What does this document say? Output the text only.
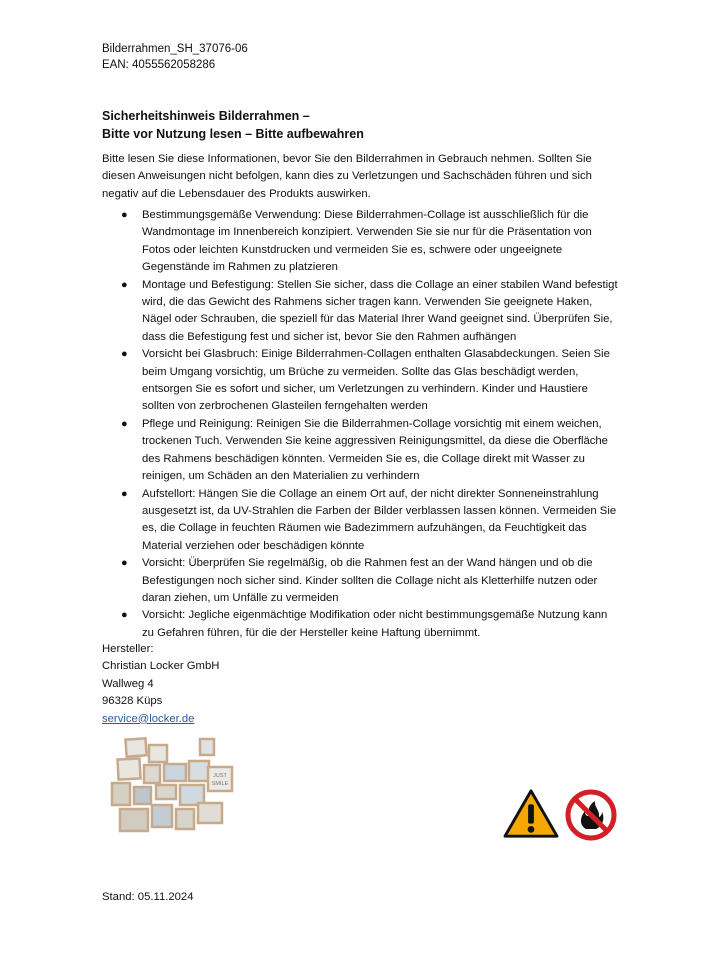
Bilderrahmen_SH_37076-06
EAN: 4055562058286
Sicherheitshinweis Bilderrahmen –
Bitte vor Nutzung lesen – Bitte aufbewahren
Bitte lesen Sie diese Informationen, bevor Sie den Bilderrahmen in Gebrauch nehmen. Sollten Sie diesen Anweisungen nicht befolgen, kann dies zu Verletzungen und Sachschäden führen und sich negativ auf die Lebensdauer des Produkts auswirken.
● Bestimmungsgemäße Verwendung: Diese Bilderrahmen-Collage ist ausschließlich für die Wandmontage im Innenbereich konzipiert. Verwenden Sie sie nur für die Präsentation von Fotos oder leichten Kunstdrucken und vermeiden Sie es, schwere oder ungeeignete Gegenstände im Rahmen zu platzieren
● Montage und Befestigung: Stellen Sie sicher, dass die Collage an einer stabilen Wand befestigt wird, die das Gewicht des Rahmens sicher tragen kann. Verwenden Sie geeignete Haken, Nägel oder Schrauben, die speziell für das Material Ihrer Wand geeignet sind. Überprüfen Sie, dass die Befestigung fest und sicher ist, bevor Sie den Rahmen aufhängen
● Vorsicht bei Glasbruch: Einige Bilderrahmen-Collagen enthalten Glasabdeckungen. Seien Sie beim Umgang vorsichtig, um Brüche zu vermeiden. Sollte das Glas beschädigt werden, entsorgen Sie es sofort und sicher, um Verletzungen zu verhindern. Kinder und Haustiere sollten von zerbrochenen Glasteilen ferngehalten werden
● Pflege und Reinigung: Reinigen Sie die Bilderrahmen-Collage vorsichtig mit einem weichen, trockenen Tuch. Verwenden Sie keine aggressiven Reinigungsmittel, da diese die Oberfläche des Rahmens beschädigen könnten. Vermeiden Sie es, die Collage direkt mit Wasser zu reinigen, um Schäden an den Materialien zu verhindern
● Aufstellort: Hängen Sie die Collage an einem Ort auf, der nicht direkter Sonneneinstrahlung ausgesetzt ist, da UV-Strahlen die Farben der Bilder verblassen lassen können. Vermeiden Sie es, die Collage in feuchten Räumen wie Badezimmern aufzuhängen, da Feuchtigkeit das Material verziehen oder beschädigen könnte
● Vorsicht: Überprüfen Sie regelmäßig, ob die Rahmen fest an der Wand hängen und ob die Befestigungen noch sicher sind. Kinder sollten die Collage nicht als Kletterhilfe nutzen oder daran ziehen, um Unfälle zu vermeiden
● Vorsicht: Jegliche eigenmächtige Modifikation oder nicht bestimmungsgemäße Nutzung kann zu Gefahren führen, für die der Hersteller keine Haftung übernimmt.
Hersteller:
Christian Locker GmbH
Wallweg 4
96328 Küps
service@locker.de
JUST
SMILE
Stand: 05.11.2024
